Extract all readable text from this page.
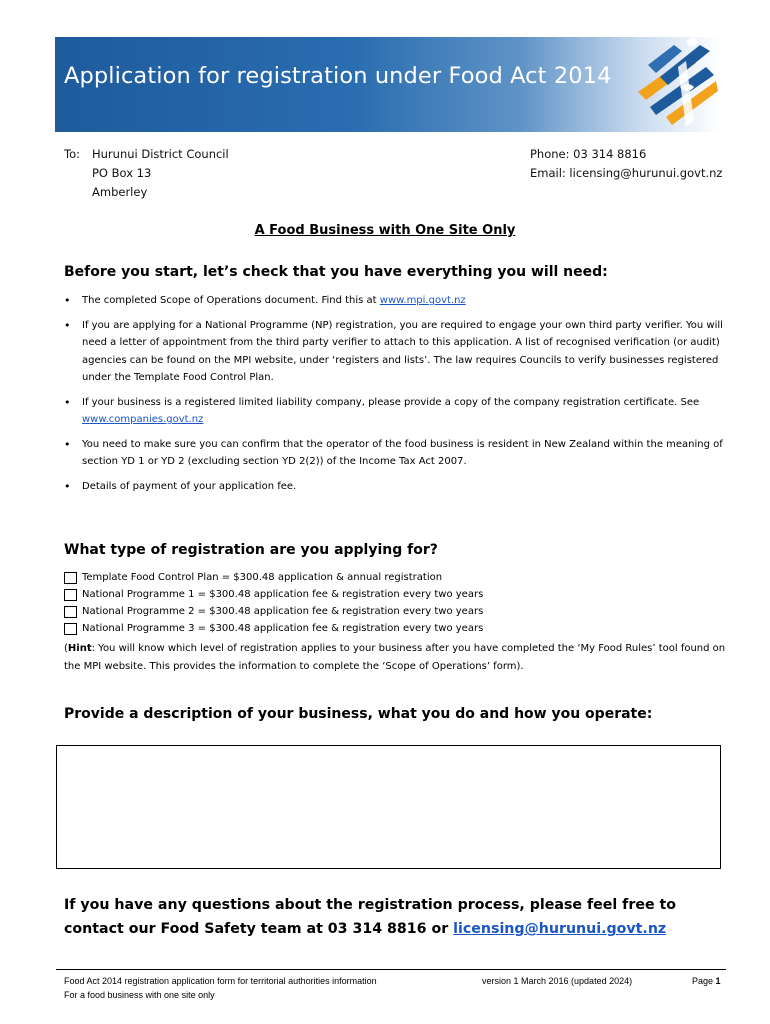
Application for registration under Food Act 2014
To: Hurunui District Council
PO Box 13
Amberley
Phone: 03 314 8816
Email: licensing@hurunui.govt.nz
A Food Business with One Site Only
Before you start, let’s check that you have everything you will need:
• The completed Scope of Operations document. Find this at www.mpi.govt.nz
• If you are applying for a National Programme (NP) registration, you are required to engage your own third party verifier. You will need a letter of appointment from the third party verifier to attach to this application. A list of recognised verification (or audit) agencies can be found on the MPI website, under ‘registers and lists’. The law requires Councils to verify businesses registered under the Template Food Control Plan.
• If your business is a registered limited liability company, please provide a copy of the company registration certificate. See www.companies.govt.nz
• You need to make sure you can confirm that the operator of the food business is resident in New Zealand within the meaning of section YD 1 or YD 2 (excluding section YD 2(2)) of the Income Tax Act 2007.
• Details of payment of your application fee.
What type of registration are you applying for?
Template Food Control Plan = $300.48 application & annual registration
National Programme 1 = $300.48 application fee & registration every two years
National Programme 2 = $300.48 application fee & registration every two years
National Programme 3 = $300.48 application fee & registration every two years
(Hint: You will know which level of registration applies to your business after you have completed the ‘My Food Rules’ tool found on the MPI website. This provides the information to complete the ‘Scope of Operations’ form).
Provide a description of your business, what you do and how you operate:
If you have any questions about the registration process, please feel free to contact our Food Safety team at 03 314 8816 or licensing@hurunui.govt.nz
Food Act 2014 registration application form for territorial authorities information
For a food business with one site only
version 1 March 2016 (updated 2024)	Page 1
